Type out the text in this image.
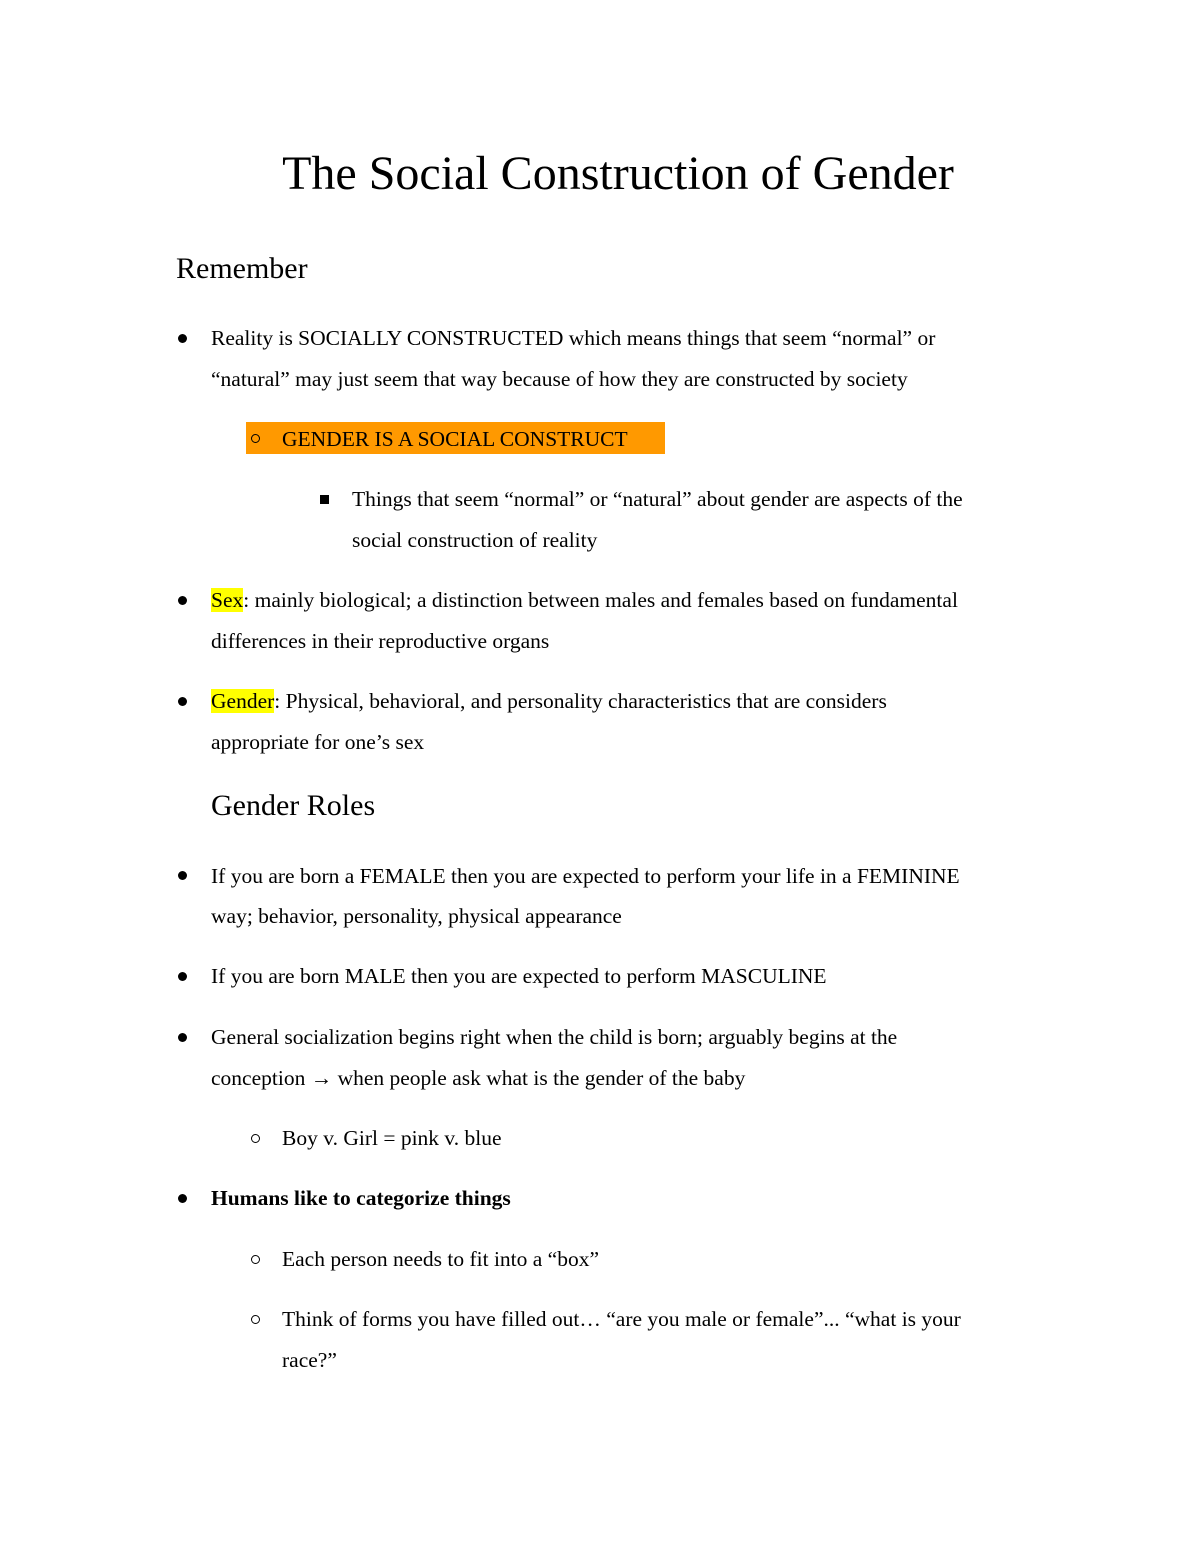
The Social Construction of Gender
Remember
Reality is SOCIALLY CONSTRUCTED which means things that seem “normal” or
“natural” may just seem that way because of how they are constructed by society
GENDER IS A SOCIAL CONSTRUCT
Things that seem “normal” or “natural” about gender are aspects of the
social construction of reality
Sex: mainly biological; a distinction between males and females based on fundamental
differences in their reproductive organs
Gender: Physical, behavioral, and personality characteristics that are considers
appropriate for one’s sex
Gender Roles
If you are born a FEMALE then you are expected to perform your life in a FEMININE
way; behavior, personality, physical appearance
If you are born MALE then you are expected to perform MASCULINE
General socialization begins right when the child is born; arguably begins at the
conception → when people ask what is the gender of the baby
Boy v. Girl = pink v. blue
Humans like to categorize things
Each person needs to fit into a “box”
Think of forms you have filled out… “are you male or female”... “what is your
race?”
